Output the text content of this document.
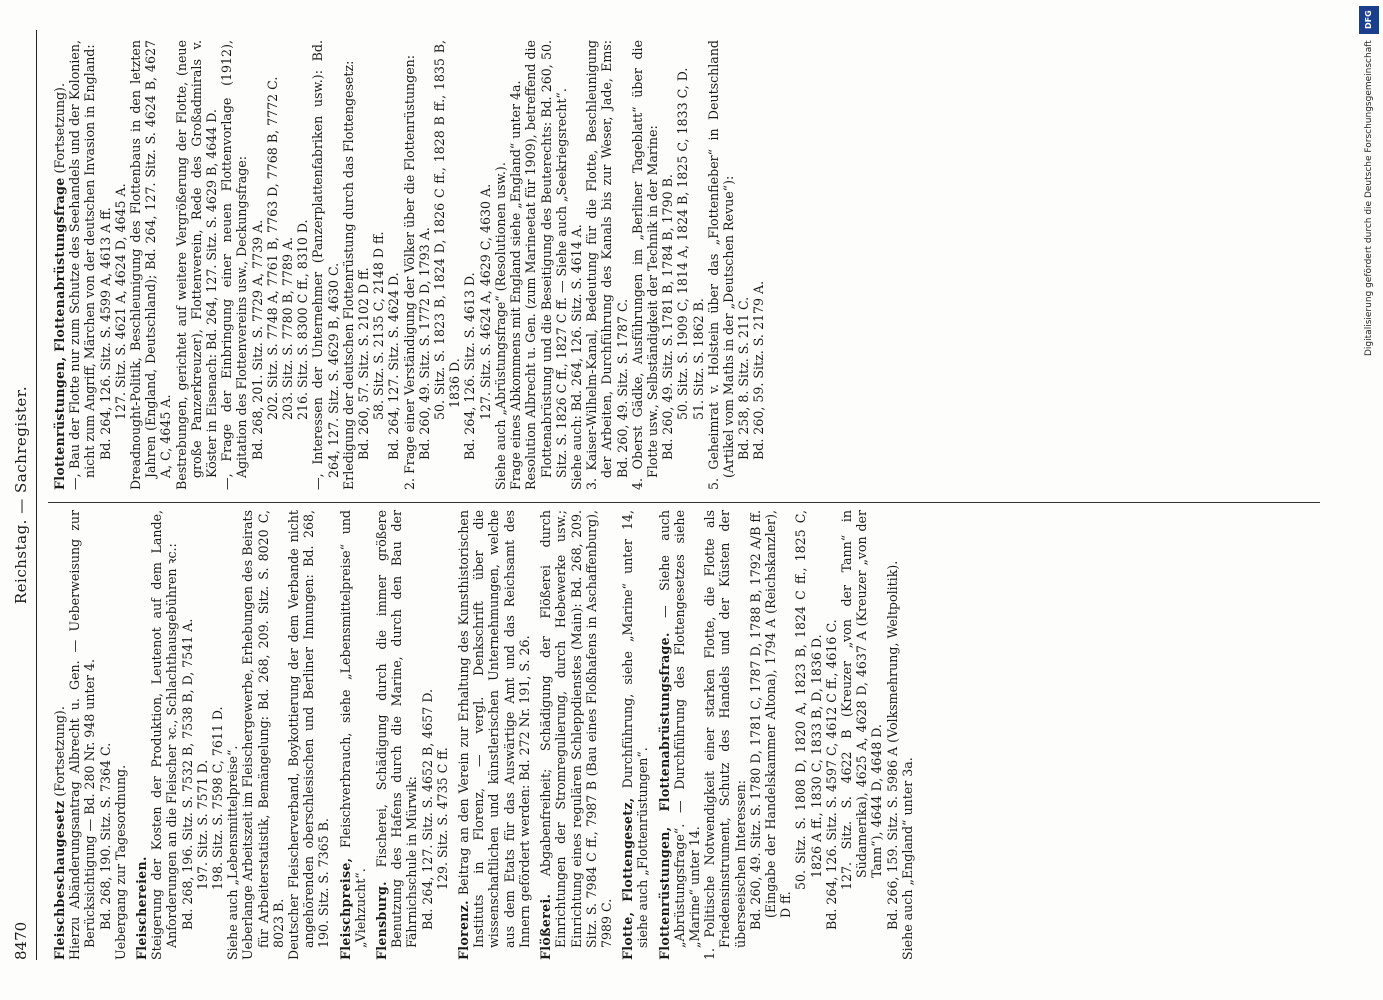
8470
Reichstag. — Sachregister.
Fleischbeschaugesetz (Fortsetzung). Hierzu Abänderungsantrag Albrecht u. Gen. — Ueberweisung zur Berücksichtigung — Bd. 280 Nr. 948 unter 4. Bd. 268, 190. Sitz. S. 7364 C. Uebergang zur Tagesordnung. Fleischereien. Steigerung der Kosten der Produktion, Leutenot auf dem Lande, Anforderungen an die Fleischer ꝛc., Schlachthausgebühren ꝛc.: Bd. 268, 196. Sitz. S. 7532 B, 7538 B, D, 7541 A. 197. Sitz. S. 7571 D. 198. Sitz. S. 7598 C, 7611 D. Siehe auch „Lebensmittelpreise“. Ueberlange Arbeitszeit im Fleischergewerbe, Erhebungen des Beirats für Arbeiterstatistik, Bemängelung: Bd. 268, 209. Sitz. S. 8020 C, 8023 B. Deutscher Fleischerverband, Boykottierung der dem Verbande nicht angehörenden oberschlesischen und Berliner Innungen: Bd. 268, 190. Sitz. S. 7365 B. Fleischpreise, Fleischverbrauch, siehe „Lebensmittelpreise“ und „Viehzucht“. Flensburg. Fischerei, Schädigung durch die immer größere Benutzung des Hafens durch die Marine, durch den Bau der Fährnichschule in Mürwik: Bd. 264, 127. Sitz. S. 4652 B, 4657 D. 129. Sitz. S. 4735 C ff.
Florenz. Beitrag an den Verein zur Erhaltung des Kunsthistorischen Instituts in Florenz, — vergl. Denkschrift über die wissenschaftlichen und künstlerischen Unternehmungen, welche aus dem Etats für das Auswärtige Amt und das Reichsamt des Innern gefördert werden: Bd. 272 Nr. 191, S. 26. Flößerei. Abgabenfreiheit; Schädigung der Flößerei durch Einrichtungen der Stromregulierung, durch Hebewerke usw.; Einrichtung eines regulären Schleppdienstes (Main): Bd. 268, 209. Sitz. S. 7984 C ff., 7987 B (Bau eines Floßhafens in Aschaffenburg), 7989 C. Flotte, Flottengesetz, Durchführung, siehe „Marine“ unter 14, siehe auch „Flottenrüstungen“. Flottenrüstungen, Flottenabrüstungsfrage. — Siehe auch „Abrüstungsfrage“. — Durchführung des Flottengesetzes siehe „Marine“ unter 14. 1. Politische Notwendigkeit einer starken Flotte, die Flotte als Friedensinstrument, Schutz des Handels und der Küsten der überseeischen Interessen: Bd. 260, 49. Sitz. S. 1780 D, 1781 C, 1787 D, 1788 B, 1792 A/B ff. (Eingabe der Handelskammer Altona), 1794 A (Reichskanzler), D ff.
50. Sitz. S. 1808 D, 1820 A, 1823 B, 1824 C ff., 1825 C, 1826 A ff., 1830 C, 1833 B, D, 1836 D. Bd. 264, 126. Sitz. S. 4597 C, 4612 C ff., 4616 C. 127. Sitz. S. 4622 B (Kreuzer „von der Tann“ in Südamerika), 4625 A, 4628 D, 4637 A (Kreuzer „von der Tann“), 4644 D, 4648 D. Bd. 266, 159. Sitz. S. 5986 A (Volksmehrung, Weltpolitik). Siehe auch „England“ unter 3a.
Flottenrüstungen, Flottenabrüstungsfrage (Fortsetzung). —, Bau der Flotte nur zum Schutze des Seehandels und der Kolonien, nicht zum Angriff, Märchen von der deutschen Invasion in England: Bd. 264, 126. Sitz. S. 4599 A, 4613 A ff. 127. Sitz. S. 4621 A, 4624 D, 4645 A. Dreadnought-Politik, Beschleunigung des Flottenbaus in den letzten Jahren (England, Deutschland); Bd. 264, 127. Sitz. S. 4624 B, 4627 A, C, 4645 A. Bestrebungen, gerichtet auf weitere Vergrößerung der Flotte, (neue große Panzerkreuzer), Flottenverein, Rede des Großadmirals v. Köster in Eisenach: Bd. 264, 127. Sitz. S. 4629 B, 4644 D. —, Frage der Einbringung einer neuen Flottenvorlage (1912), Agitation des Flottenvereins usw., Deckungsfrage: Bd. 268, 201. Sitz. S. 7729 A, 7739 A. 202. Sitz. S. 7748 A, 7761 B, 7763 D, 7768 B, 7772 C. 203. Sitz. S. 7780 B, 7789 A. 216. Sitz. S. 8300 C ff., 8310 D. —, Interessen der Unternehmer (Panzerplattenfabriken usw.): Bd. 264, 127. Sitz. S. 4629 B, 4630 C. Erledigung der deutschen Flottenrüstung durch das Flottengesetz: Bd. 260, 57. Sitz. S. 2102 D ff. 58. Sitz. S. 2135 C, 2148 D ff. Bd. 264, 127. Sitz. S. 4624 D. 2. Frage einer Verständigung der Völker über die Flottenrüstungen: Bd. 260, 49. Sitz. S. 1772 D, 1793 A. 50. Sitz. S. 1823 B, 1824 D, 1826 C ff., 1828 B ff., 1835 B, 1836 D. Bd. 264, 126. Sitz. S. 4613 D. 127. Sitz. S. 4624 A, 4629 C, 4630 A. Siehe auch „Abrüstungsfrage“ (Resolutionen usw.). Frage eines Abkommens mit England siehe „England“ unter 4a. Resolution Albrecht u. Gen. (zum Marineetat für 1909), betreffend die Flottenabrüstung und die Beseitigung des Beuterechts: Bd. 260, 50. Sitz. S. 1826 C ff., 1827 C ff. — Siehe auch „Seekriegsrecht“. Siehe auch: Bd. 264, 126. Sitz. S. 4614 A. 3. Kaiser-Wilhelm-Kanal, Bedeutung für die Flotte, Beschleunigung der Arbeiten, Durchführung des Kanals bis zur Weser, Jade, Ems: Bd. 260, 49. Sitz. S. 1787 C. 4. Oberst Gädke, Ausführungen im „Berliner Tageblatt“ über die Flotte usw., Selbständigkeit der Technik in der Marine: Bd. 260, 49. Sitz. S. 1781 B, 1784 B, 1790 B. 50. Sitz. S. 1909 C, 1814 A, 1824 B, 1825 C, 1833 C, D. 51. Sitz. S. 1862 B. 5. Geheimrat v. Holstein über das „Flottenfieber“ in Deutschland (Artikel vom Maths in der „Deutschen Revue“): Bd. 258, 8. Sitz. S. 211 C. Bd. 260, 59. Sitz. S. 2179 A.
DFG
Digitalisierung gefördert durch die Deutsche Forschungsgemeinschaft
